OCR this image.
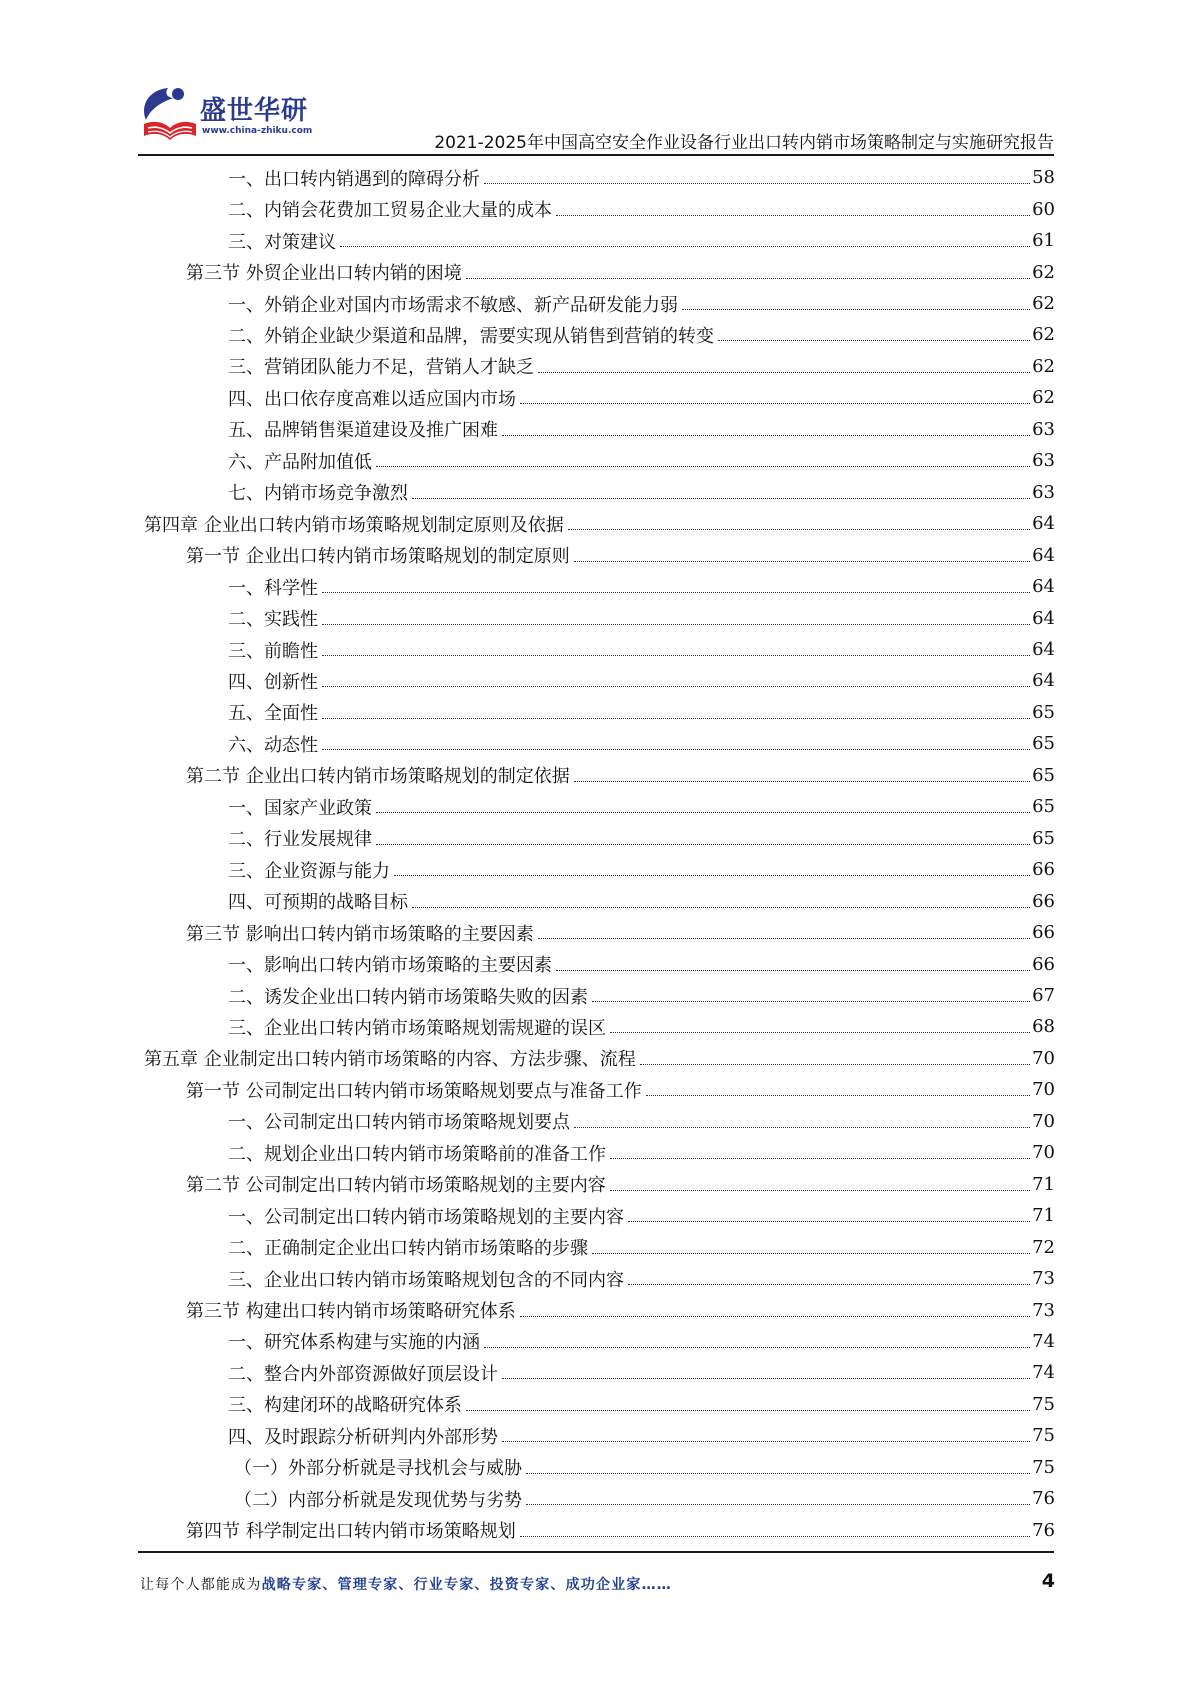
盛世华研
www.china-zhiku.com
2021-2025年中国高空安全作业设备行业出口转内销市场策略制定与实施研究报告
一、出口转内销遇到的障碍分析	58
二、内销会花费加工贸易企业大量的成本	60
三、对策建议	61
第三节 外贸企业出口转内销的困境	62
一、外销企业对国内市场需求不敏感、新产品研发能力弱	62
二、外销企业缺少渠道和品牌，需要实现从销售到营销的转变	62
三、营销团队能力不足，营销人才缺乏	62
四、出口依存度高难以适应国内市场	62
五、品牌销售渠道建设及推广困难	63
六、产品附加值低	63
七、内销市场竞争激烈	63
第四章 企业出口转内销市场策略规划制定原则及依据	64
第一节 企业出口转内销市场策略规划的制定原则	64
一、科学性	64
二、实践性	64
三、前瞻性	64
四、创新性	64
五、全面性	65
六、动态性	65
第二节 企业出口转内销市场策略规划的制定依据	65
一、国家产业政策	65
二、行业发展规律	65
三、企业资源与能力	66
四、可预期的战略目标	66
第三节 影响出口转内销市场策略的主要因素	66
一、影响出口转内销市场策略的主要因素	66
二、诱发企业出口转内销市场策略失败的因素	67
三、企业出口转内销市场策略规划需规避的误区	68
第五章 企业制定出口转内销市场策略的内容、方法步骤、流程	70
第一节 公司制定出口转内销市场策略规划要点与准备工作	70
一、公司制定出口转内销市场策略规划要点	70
二、规划企业出口转内销市场策略前的准备工作	70
第二节 公司制定出口转内销市场策略规划的主要内容	71
一、公司制定出口转内销市场策略规划的主要内容	71
二、正确制定企业出口转内销市场策略的步骤	72
三、企业出口转内销市场策略规划包含的不同内容	73
第三节 构建出口转内销市场策略研究体系	73
一、研究体系构建与实施的内涵	74
二、整合内外部资源做好顶层设计	74
三、构建闭环的战略研究体系	75
四、及时跟踪分析研判内外部形势	75
（一）外部分析就是寻找机会与威胁	75
（二）内部分析就是发现优势与劣势	76
第四节 科学制定出口转内销市场策略规划	76
让每个人都能成为战略专家、管理专家、行业专家、投资专家、成功企业家……	4
